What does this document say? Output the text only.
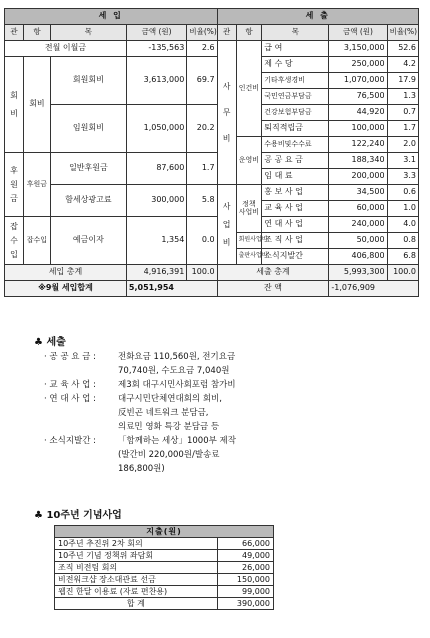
세 입					세 출				
관	항	목	금액 (원)	비율(%)	관	항	목	금액 (원)	비율(%)
전월 이월금			-135,563	2.6	사 무 비	인건비	급 여	3,150,000	52.6
회 비	회비	회원회비	3,613,000	69.7			제 수 당	250,000	4.2
							기타후생경비	1,070,000	17.9
							국민연금부담금	76,500	1.3
		임원회비	1,050,000	20.2			건강보험부담금	44,920	0.7
							퇴직적립금	100,000	1.7
						운영비	수용비및수수료	122,240	2.0
후 원 금	후원금	일반후원금	87,600	1.7			공 공 요 금	188,340	3.1
							임 대 료	200,000	3.3
		함세상광고료	300,000	5.8	사 업 비	정책 사업비	홍 보 사 업	34,500	0.6
							교 육 사 업	60,000	1.0
잡 수 입	잡수입	예금이자	1,354	0.0			연 대 사 업	240,000	4.0
						회원사업비	조 직 사 업	50,000	0.8
						출판사업비	소식지발간	406,800	6.8
세입 총계			4,916,391	100.0	세출 총계			5,993,300	100.0
※9월 세입합계			5,051,954		잔 액			-1,076,909	
♣ 세출
· 공 공 요 금 :	전화요금 110,560원, 전기요금
70,740원, 수도요금 7,040원
· 교 육 사 업 :	제3회 대구시민사회포럼 참가비
· 연 대 사 업 :	대구시민단체연대회의 회비,
反빈곤 네트워크 분담금,
의료민 영화 특강 분담금 등
· 소식지발간 :	「함께하는 세상」1000부 제작
(발간비 220,000원/발송료
186,800원)
♣ 10주년 기념사업
지출(원)	
10주년 추진위 2차 회의	66,000
10주년 기념 정책위 좌담회	49,000
조직 비전팀 회의	26,000
비전워크샵 장소대관료 선금	150,000
웹진 한달 이용료 (자료 편찬용)	99,000
합 계	390,000
